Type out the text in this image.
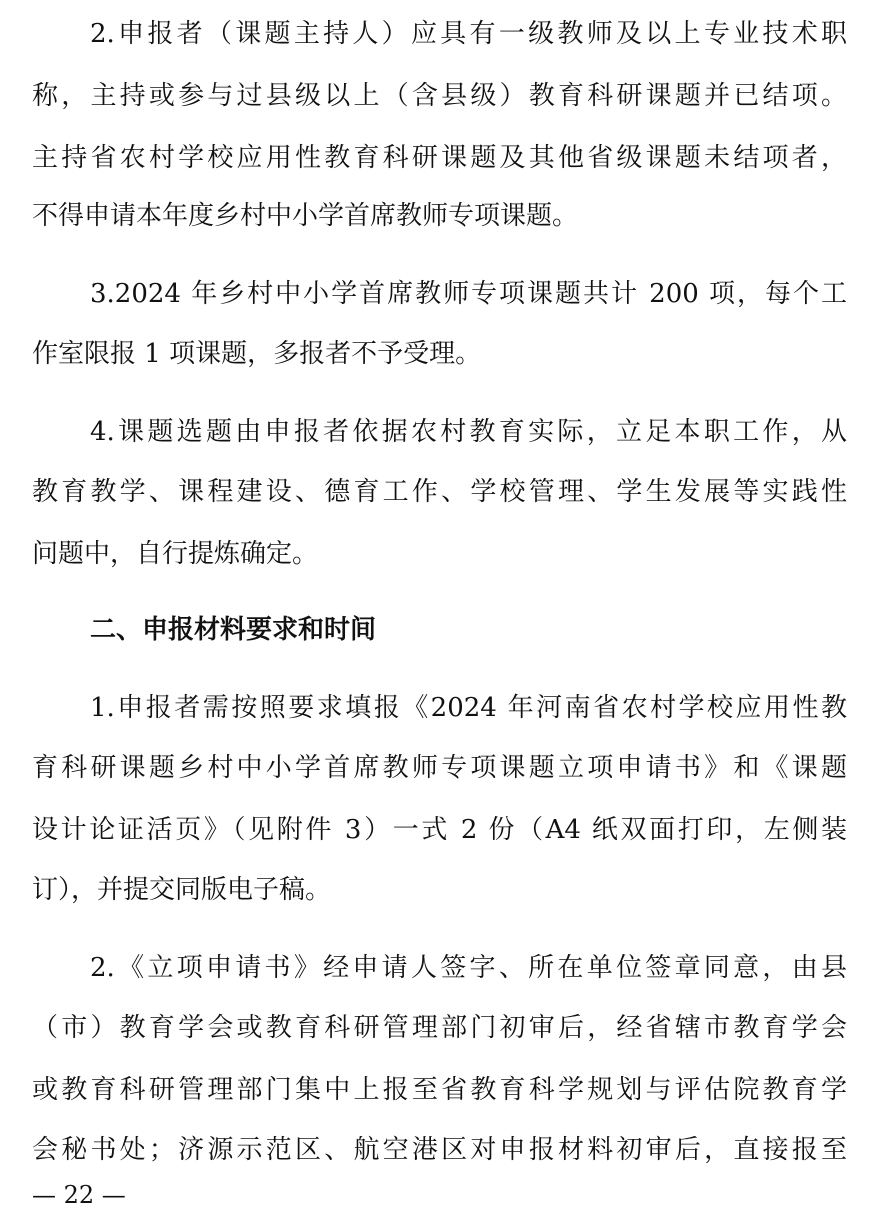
2.申报者（课题主持人）应具有一级教师及以上专业技术职
称，主持或参与过县级以上（含县级）教育科研课题并已结项。
主持省农村学校应用性教育科研课题及其他省级课题未结项者，
不得申请本年度乡村中小学首席教师专项课题。
3.2024 年乡村中小学首席教师专项课题共计 200 项，每个工
作室限报 1 项课题，多报者不予受理。
4.课题选题由申报者依据农村教育实际，立足本职工作，从
教育教学、课程建设、德育工作、学校管理、学生发展等实践性
问题中，自行提炼确定。
二、申报材料要求和时间
1.申报者需按照要求填报《2024 年河南省农村学校应用性教
育科研课题乡村中小学首席教师专项课题立项申请书》和《课题
设计论证活页》（见附件 3）一式 2 份（A4 纸双面打印，左侧装
订），并提交同版电子稿。
2.《立项申请书》经申请人签字、所在单位签章同意，由县
（市）教育学会或教育科研管理部门初审后，经省辖市教育学会
或教育科研管理部门集中上报至省教育科学规划与评估院教育学
会秘书处；济源示范区、航空港区对申报材料初审后，直接报至
— 22 —
